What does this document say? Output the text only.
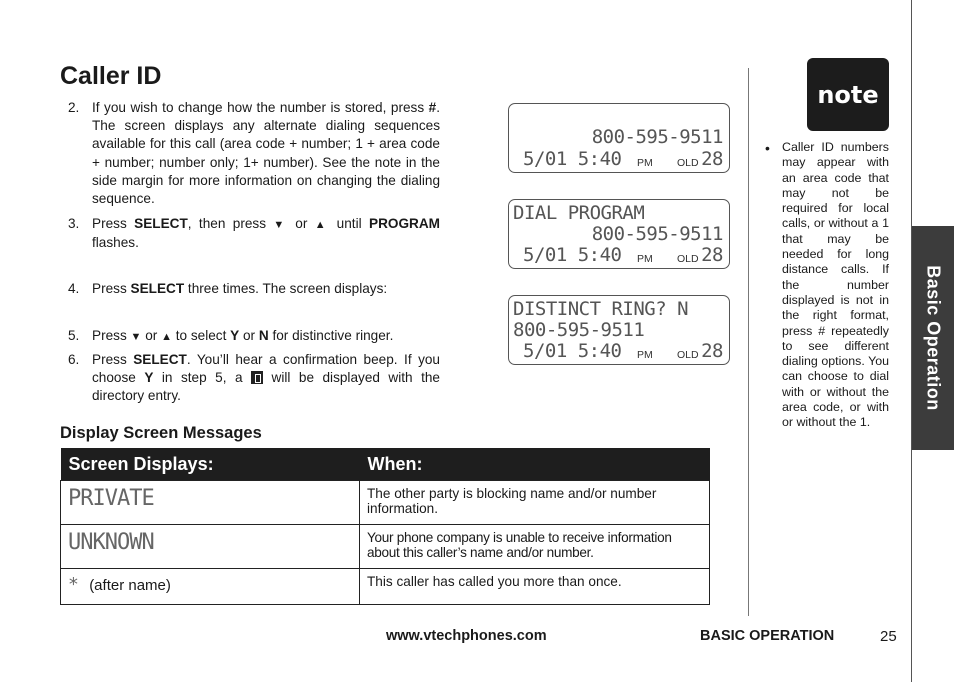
Caller ID
2. If you wish to change how the number is stored, press #. The screen displays any alternate dialing sequences available for this call (area code + number; 1 + area code + number; number only; 1+ number). See the note in the side margin for more information on changing the dialing sequence.
3. Press SELECT, then press ▼ or ▲ until PROGRAM flashes.
4. Press SELECT three times. The screen displays:
5. Press ▼ or ▲ to select Y or N for distinctive ringer.
6. Press SELECT. You’ll hear a confirmation beep. If you choose Y in step 5, a  will be displayed with the directory entry.
800-595-9511
5/01 5:40 PM OLD 28
DIAL PROGRAM
800-595-9511
5/01 5:40 PM OLD 28
DISTINCT RING? N
800-595-9511
5/01 5:40 PM OLD 28
note
• Caller ID numbers may appear with an area code that may not be required for local calls, or without a 1 that may be needed for long distance calls. If the number displayed is not in the right format, press # repeatedly to see different dialing options. You can choose to dial with or without the area code, or with or without the 1.
Basic Operation
Display Screen Messages
Screen Displays:	When:
PRIVATE	The other party is blocking name and/or number information.
UNKNOWN	Your phone company is unable to receive information about this caller’s name and/or number.
* (after name)	This caller has called you more than once.
www.vtechphones.com	BASIC OPERATION	25
